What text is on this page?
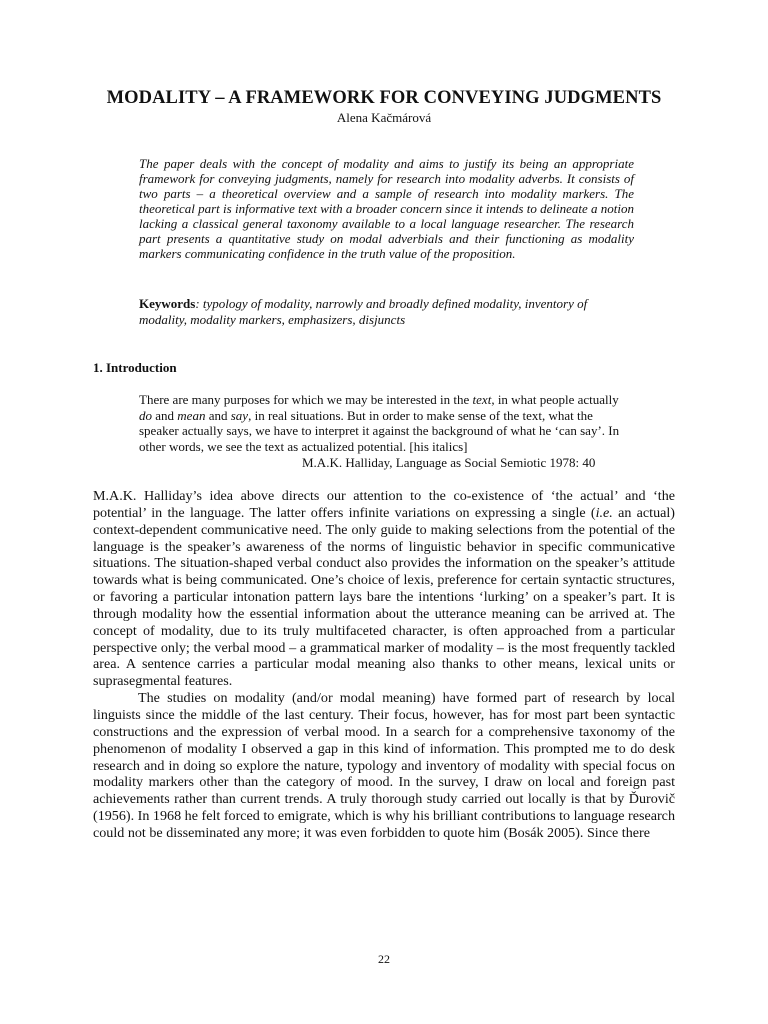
MODALITY – A FRAMEWORK FOR CONVEYING JUDGMENTS
Alena Kačmárová

The paper deals with the concept of modality and aims to justify its being an appropriate framework for conveying judgments, namely for research into modality adverbs. It consists of two parts – a theoretical overview and a sample of research into modality markers. The theoretical part is informative text with a broader concern since it intends to delineate a notion lacking a classical general taxonomy available to a local language researcher. The research part presents a quantitative study on modal adverbials and their functioning as modality markers communicating confidence in the truth value of the proposition.

Keywords: typology of modality, narrowly and broadly defined modality, inventory of modality, modality markers, emphasizers, disjuncts

1. Introduction

There are many purposes for which we may be interested in the text, in what people actually do and mean and say, in real situations. But in order to make sense of the text, what the speaker actually says, we have to interpret it against the background of what he ‘can say’. In other words, we see the text as actualized potential. [his italics]

M.A.K. Halliday, Language as Social Semiotic 1978: 40

M.A.K. Halliday’s idea above directs our attention to the co-existence of ‘the actual’ and ‘the potential’ in the language. The latter offers infinite variations on expressing a single (i.e. an actual) context-dependent communicative need. The only guide to making selections from the potential of the language is the speaker’s awareness of the norms of linguistic behavior in specific communicative situations. The situation-shaped verbal conduct also provides the information on the speaker’s attitude towards what is being communicated. One’s choice of lexis, preference for certain syntactic structures, or favoring a particular intonation pattern lays bare the intentions ‘lurking’ on a speaker’s part. It is through modality how the essential information about the utterance meaning can be arrived at. The concept of modality, due to its truly multifaceted character, is often approached from a particular perspective only; the verbal mood – a grammatical marker of modality – is the most frequently tackled area. A sentence carries a particular modal meaning also thanks to other means, lexical units or suprasegmental features.

The studies on modality (and/or modal meaning) have formed part of research by local linguists since the middle of the last century. Their focus, however, has for most part been syntactic constructions and the expression of verbal mood. In a search for a comprehensive taxonomy of the phenomenon of modality I observed a gap in this kind of information. This prompted me to do desk research and in doing so explore the nature, typology and inventory of modality with special focus on modality markers other than the category of mood. In the survey, I draw on local and foreign past achievements rather than current trends. A truly thorough study carried out locally is that by Ďurovič (1956). In 1968 he felt forced to emigrate, which is why his brilliant contributions to language research could not be disseminated any more; it was even forbidden to quote him (Bosák 2005). Since there

22
